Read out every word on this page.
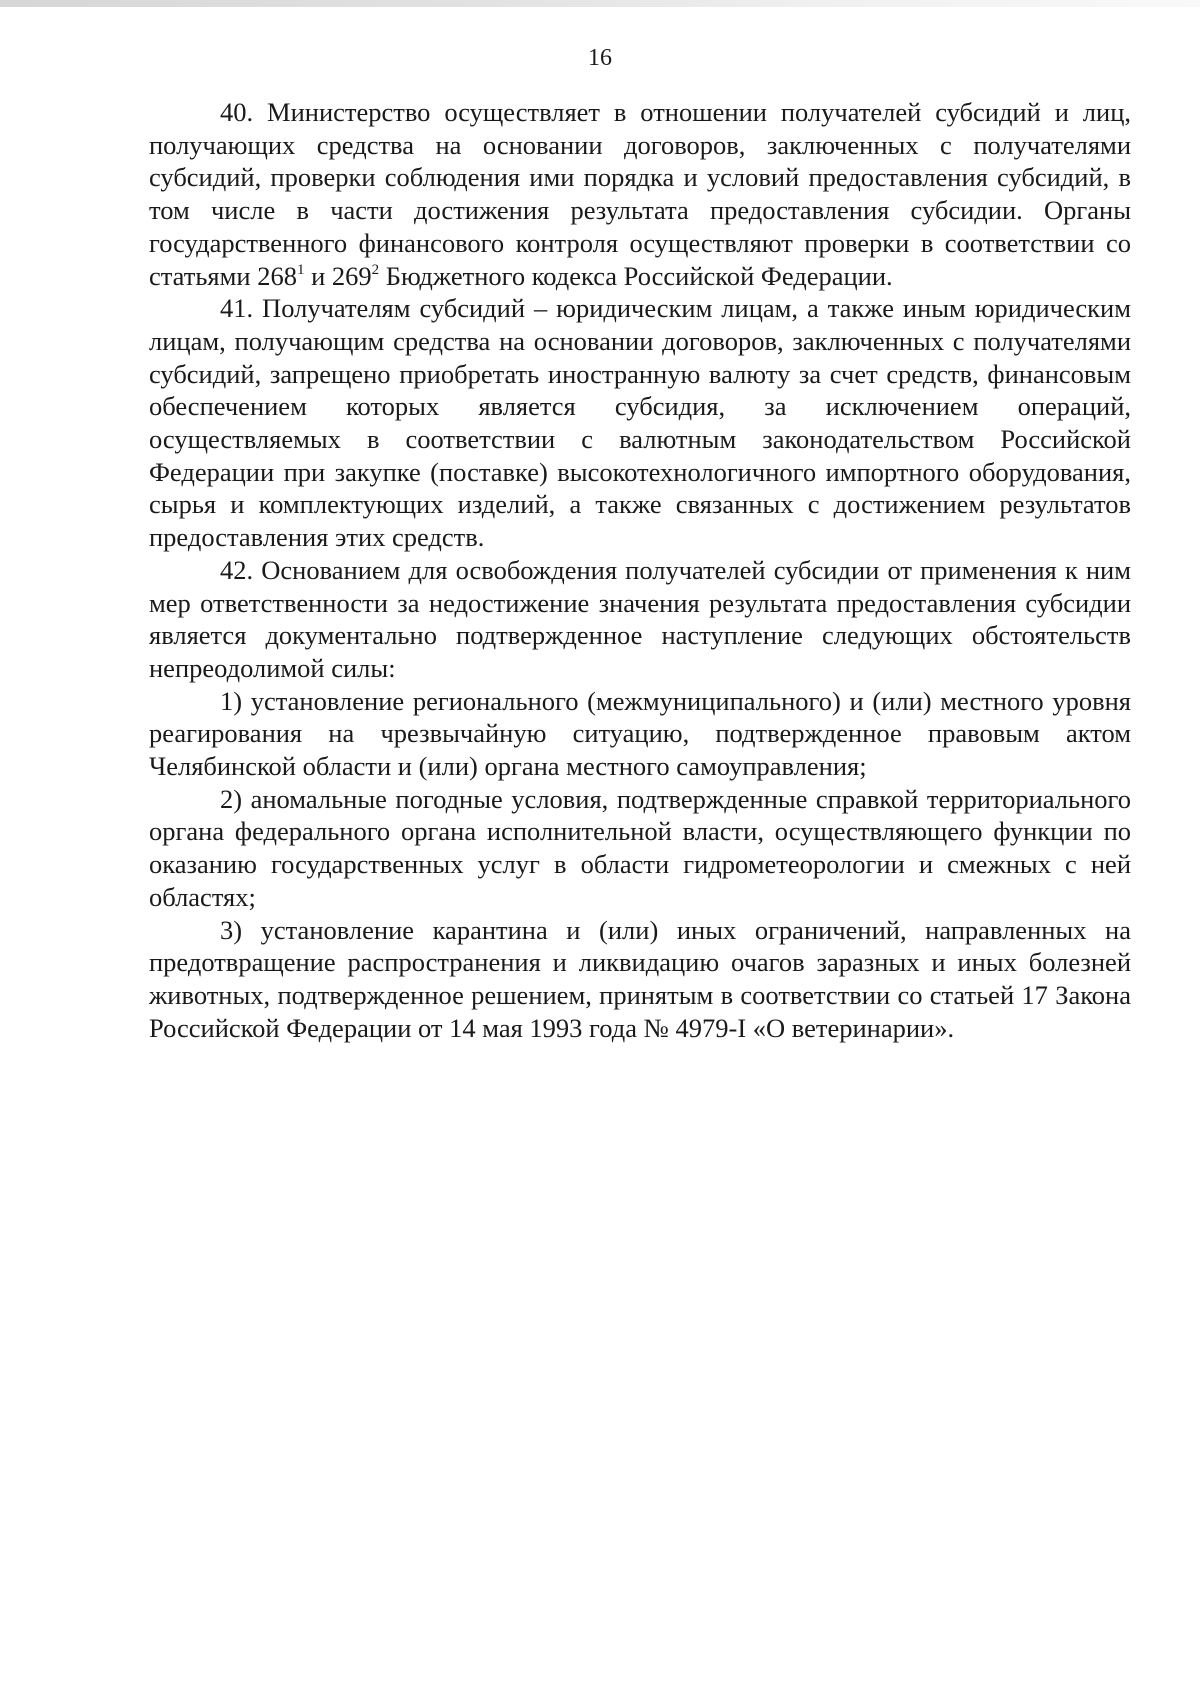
16

40. Министерство осуществляет в отношении получателей субсидий и лиц, получающих средства на основании договоров, заключенных с получателями субсидий, проверки соблюдения ими порядка и условий предоставления субсидий, в том числе в части достижения результата предоставления субсидии. Органы государственного финансового контроля осуществляют проверки в соответствии со статьями $268^1$ и $269^2$ Бюджетного кодекса Российской Федерации.

41. Получателям субсидий – юридическим лицам, а также иным юридическим лицам, получающим средства на основании договоров, заключенных с получателями субсидий, запрещено приобретать иностранную валюту за счет средств, финансовым обеспечением которых является субсидия, за исключением операций, осуществляемых в соответствии с валютным законодательством Российской Федерации при закупке (поставке) высокотехнологичного импортного оборудования, сырья и комплектующих изделий, а также связанных с достижением результатов предоставления этих средств.

42. Основанием для освобождения получателей субсидии от применения к ним мер ответственности за недостижение значения результата предоставления субсидии является документально подтвержденное наступление следующих обстоятельств непреодолимой силы:

1) установление регионального (межмуниципального) и (или) местного уровня реагирования на чрезвычайную ситуацию, подтвержденное правовым актом Челябинской области и (или) органа местного самоуправления;

2) аномальные погодные условия, подтвержденные справкой территориального органа федерального органа исполнительной власти, осуществляющего функции по оказанию государственных услуг в области гидрометеорологии и смежных с ней областях;

3) установление карантина и (или) иных ограничений, направленных на предотвращение распространения и ликвидацию очагов заразных и иных болезней животных, подтвержденное решением, принятым в соответствии со статьей 17 Закона Российской Федерации от 14 мая 1993 года № 4979-I «О ветеринарии».
